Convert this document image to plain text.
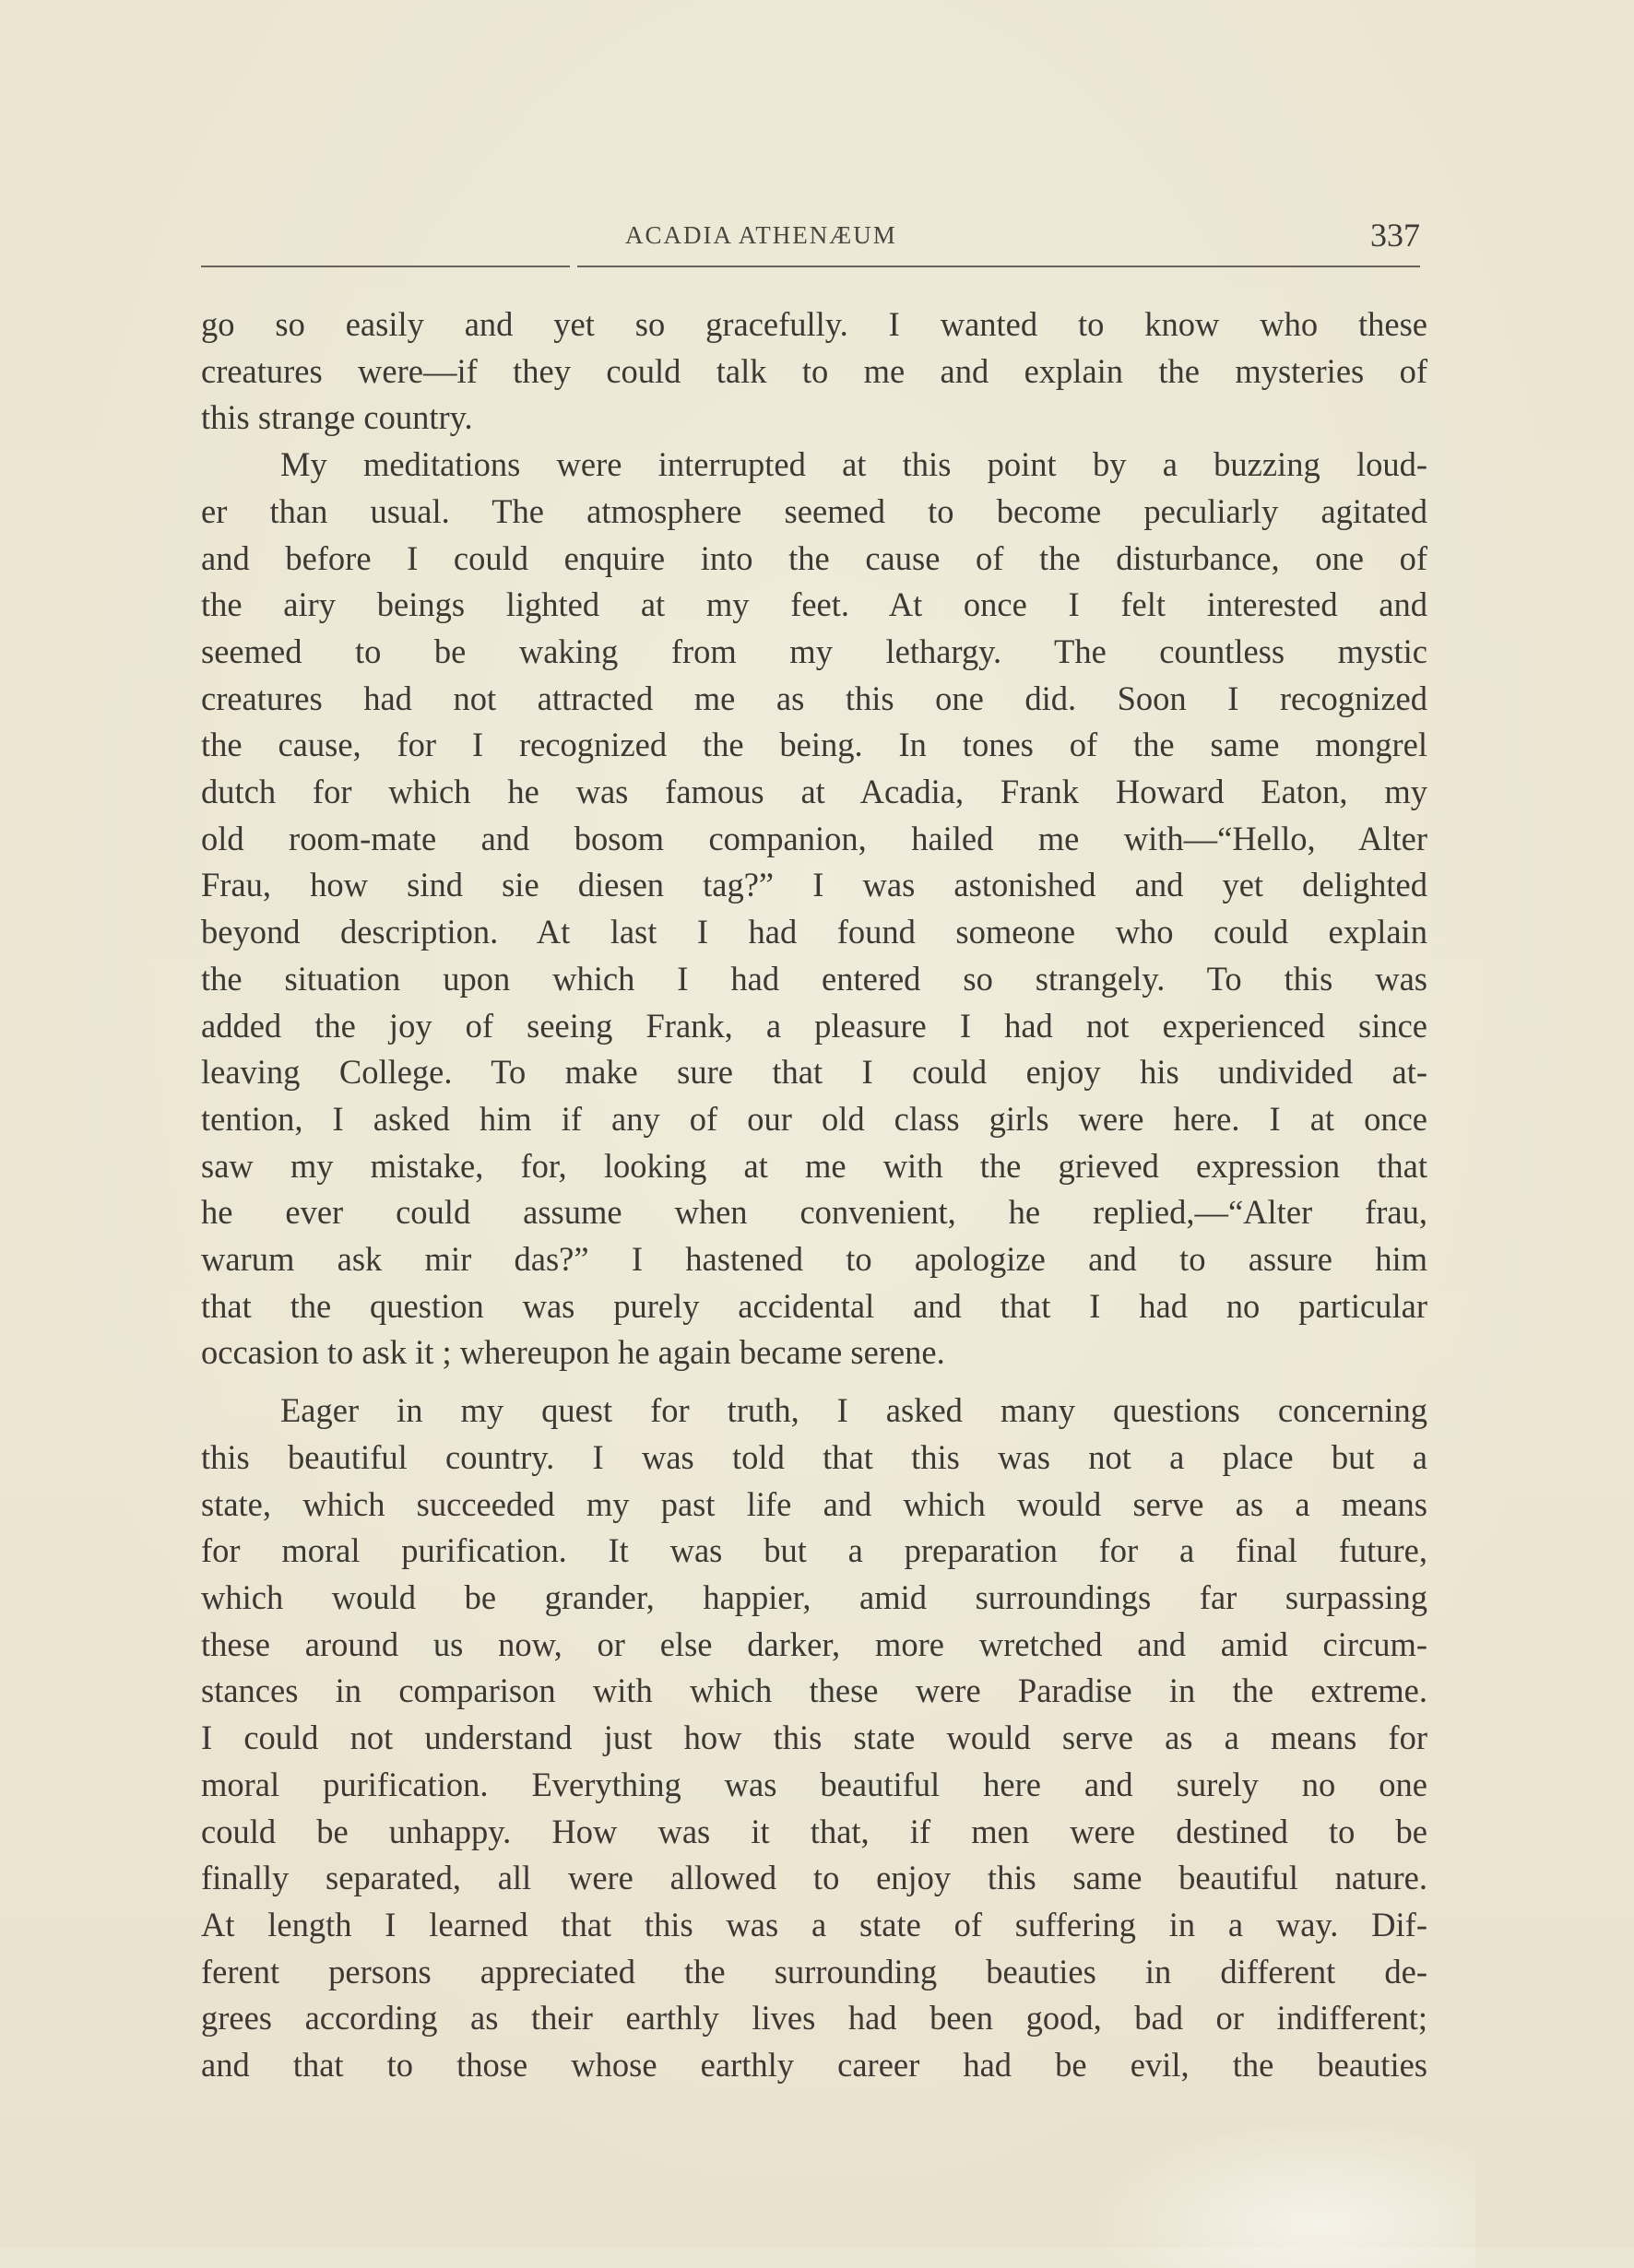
ACADIA ATHENÆUM	337
go so easily and yet so gracefully. I wanted to know who these
creatures were—if they could talk to me and explain the mysteries of
this strange country.
My meditations were interrupted at this point by a buzzing loud-
er than usual. The atmosphere seemed to become peculiarly agitated
and before I could enquire into the cause of the disturbance, one of
the airy beings lighted at my feet. At once I felt interested and
seemed to be waking from my lethargy. The countless mystic
creatures had not attracted me as this one did. Soon I recognized
the cause, for I recognized the being. In tones of the same mongrel
dutch for which he was famous at Acadia, Frank Howard Eaton, my
old room-mate and bosom companion, hailed me with—“Hello, Alter
Frau, how sind sie diesen tag?” I was astonished and yet delighted
beyond description. At last I had found someone who could explain
the situation upon which I had entered so strangely. To this was
added the joy of seeing Frank, a pleasure I had not experienced since
leaving College. To make sure that I could enjoy his undivided at-
tention, I asked him if any of our old class girls were here. I at once
saw my mistake, for, looking at me with the grieved expression that
he ever could assume when convenient, he replied,—“Alter frau,
warum ask mir das?” I hastened to apologize and to assure him
that the question was purely accidental and that I had no particular
occasion to ask it ; whereupon he again became serene.
Eager in my quest for truth, I asked many questions concerning
this beautiful country. I was told that this was not a place but a
state, which succeeded my past life and which would serve as a means
for moral purification. It was but a preparation for a final future,
which would be grander, happier, amid surroundings far surpassing
these around us now, or else darker, more wretched and amid circum-
stances in comparison with which these were Paradise in the extreme.
I could not understand just how this state would serve as a means for
moral purification. Everything was beautiful here and surely no one
could be unhappy. How was it that, if men were destined to be
finally separated, all were allowed to enjoy this same beautiful nature.
At length I learned that this was a state of suffering in a way. Dif-
ferent persons appreciated the surrounding beauties in different de-
grees according as their earthly lives had been good, bad or indifferent;
and that to those whose earthly career had be evil, the beauties
